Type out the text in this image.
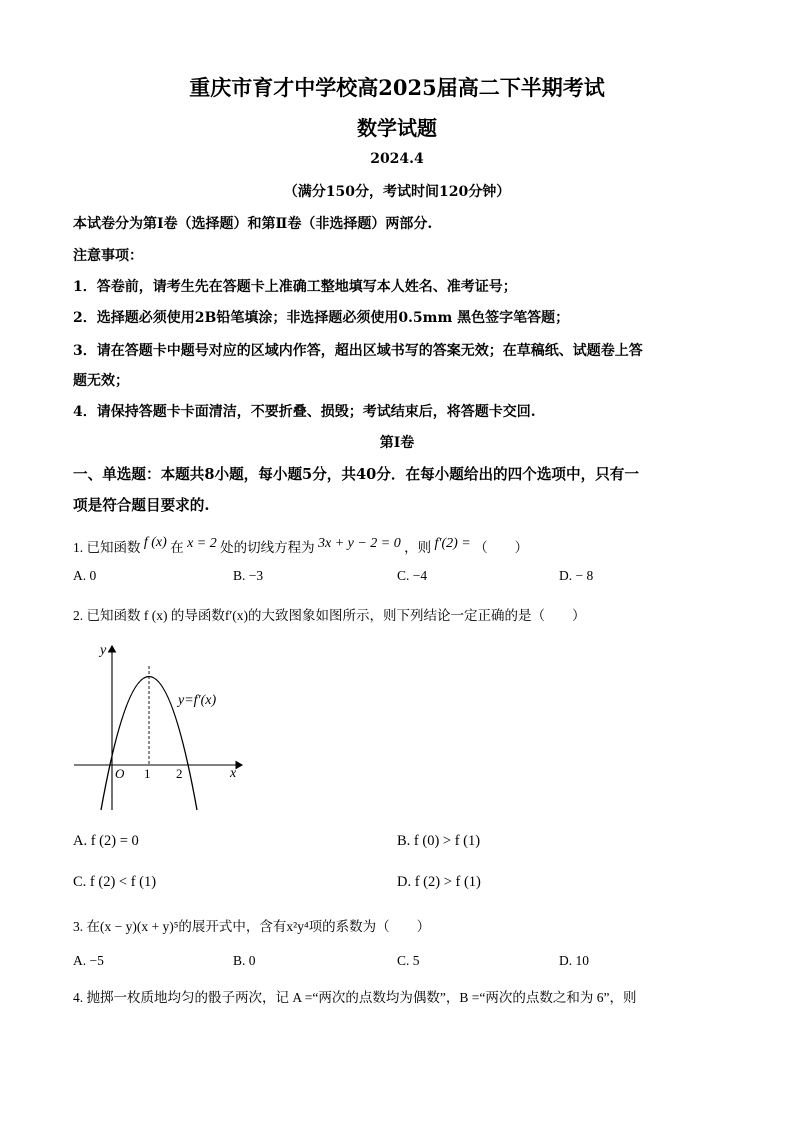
重庆市育才中学校高2025届高二下半期考试
数学试题
2024.4
（满分150分，考试时间120分钟）
本试卷分为第Ⅰ卷（选择题）和第Ⅱ卷（非选择题）两部分.
注意事项：
1．答卷前，请考生先在答题卡上准确工整地填写本人姓名、准考证号；
2．选择题必须使用2B铅笔填涂；非选择题必须使用0.5mm 黑色签字笔答题；
3．请在答题卡中题号对应的区域内作答，超出区域书写的答案无效；在草稿纸、试题卷上答
题无效；
4．请保持答题卡卡面清洁，不要折叠、损毁；考试结束后，将答题卡交回.
第Ⅰ卷
一、单选题：本题共8小题，每小题5分，共40分．在每小题给出的四个选项中，只有一
项是符合题目要求的.
1. 已知函数 f (x) 在 x = 2 处的切线方程为 3x + y − 2 = 0 ，则 f′(2) = （　　）
A. 0	B. −3	C. −4	D. − 8
2. 已知函数 f (x) 的导函数f′(x)的大致图象如图所示，则下列结论一定正确的是（　　）
y
x
O 1 2
y=f′(x)
A. f (2) = 0	B. f (0) > f (1)
C. f (2) < f (1)	D. f (2) > f (1)
3. 在(x − y)(x + y)⁵的展开式中，含有x²y⁴项的系数为（　　）
A. −5	B. 0	C. 5	D. 10
4. 抛掷一枚质地均匀的骰子两次，记 A =“两次的点数均为偶数”，B =“两次的点数之和为 6”，则
